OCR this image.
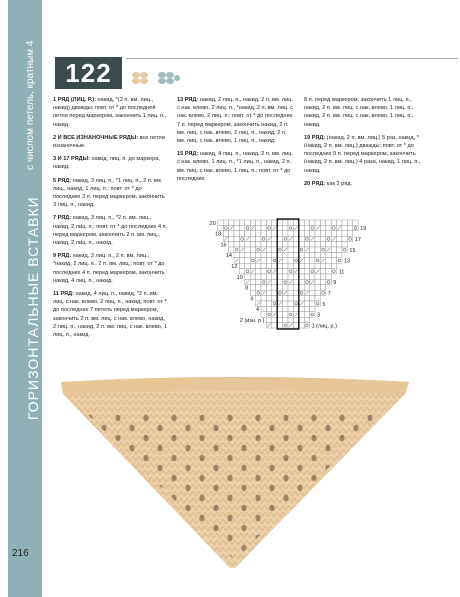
с числом петель, кратным 4
ГОРИЗОНТАЛЬНЫЕ ВСТАВКИ
216
122

1 РЯД (ЛИЦ. Р.): накид, *(2 п. вм. лиц., накид) дважды; повт. от * до последней петли перед маркером, закончить 1 лиц. п., накид.

2 И ВСЕ ИЗНАНОЧНЫЕ РЯДЫ: все петли изнаночные.

3 И 17 РЯДЫ: накид, лиц. п. до маркера, накид.

5 РЯД: накид, 3 лиц. п., *1 лиц. п., 2 п. вм. лиц., накид, 1 лиц. п.; повт. от * до последних 3 п. перед маркером, закончить 3 лиц. п., накид.

7 РЯД: накид, 3 лиц. п., *2 п. вм. лиц., накид, 2 лиц. п.; повт. от * до последних 4 п. перед маркером, закончить 2 п. вм. лиц., накид, 2 лиц. п., накид.

9 РЯД: накид, 3 лиц. п., 2 п. вм. лиц., *накид, 2 лиц. п., 2 п. вм. лиц.; повт. от * до последних 4 п. перед маркером, закончить накид, 4 лиц. п., накид.

11 РЯД: накид, 4 лиц. п., накид, *2 п. вм. лиц. с нак. влево, 2 лиц. п., накид; повт. от * до последних 7 петель перед маркером, закончить 2 п. вм. лиц. с нак. влево, накид, 2 лиц. п., накид, 2 п. вм. лиц. с нак. влево, 1 лиц. п., накид.

13 РЯД: накид, 2 лиц. п., накид, 2 п. вм. лиц. с нак. влево, 2 лиц. п., *накид, 2 п. вм. лиц. с нак. влево, 2 лиц. п.; повт. от * до последних 7 п. перед маркером, закончить накид, 2 п. вм. лиц. с нак. влево, 2 лиц. п., накид, 2 п. вм. лиц. с нак. влево, 1 лиц. п., накид.

15 РЯД: накид, 4 лиц. п., накид, 2 п. вм. лиц. с нак. влево, 1 лиц. п., *1 лиц. п., накид, 2 п. вм. лиц. с нак. влево, 1 лиц. п.; повт. от * до последних

8 п. перед маркером, закончить 1 лиц. п., накид, 2 п. вм. лиц. с нак. влево, 1 лиц. п., накид, 2 п. вм. лиц. с нак. влево, 1 лиц. п., накид.

19 РЯД: (накид, 2 п. вм. лиц.) 5 раз, накид, *(накид, 2 п. вм. лиц.) дважды; повт. от * до последних 9 п. перед маркером, закончить (накид, 2 п. вм. лиц.) 4 раза, накид, 1 лиц. п., накид.

20 РЯД: как 2 ряд.

20
19
18
17
16
15
14
13
12
11
10
9
8
7
6
5
4
3
2 (изн. р.)
1 (лиц. р.)
